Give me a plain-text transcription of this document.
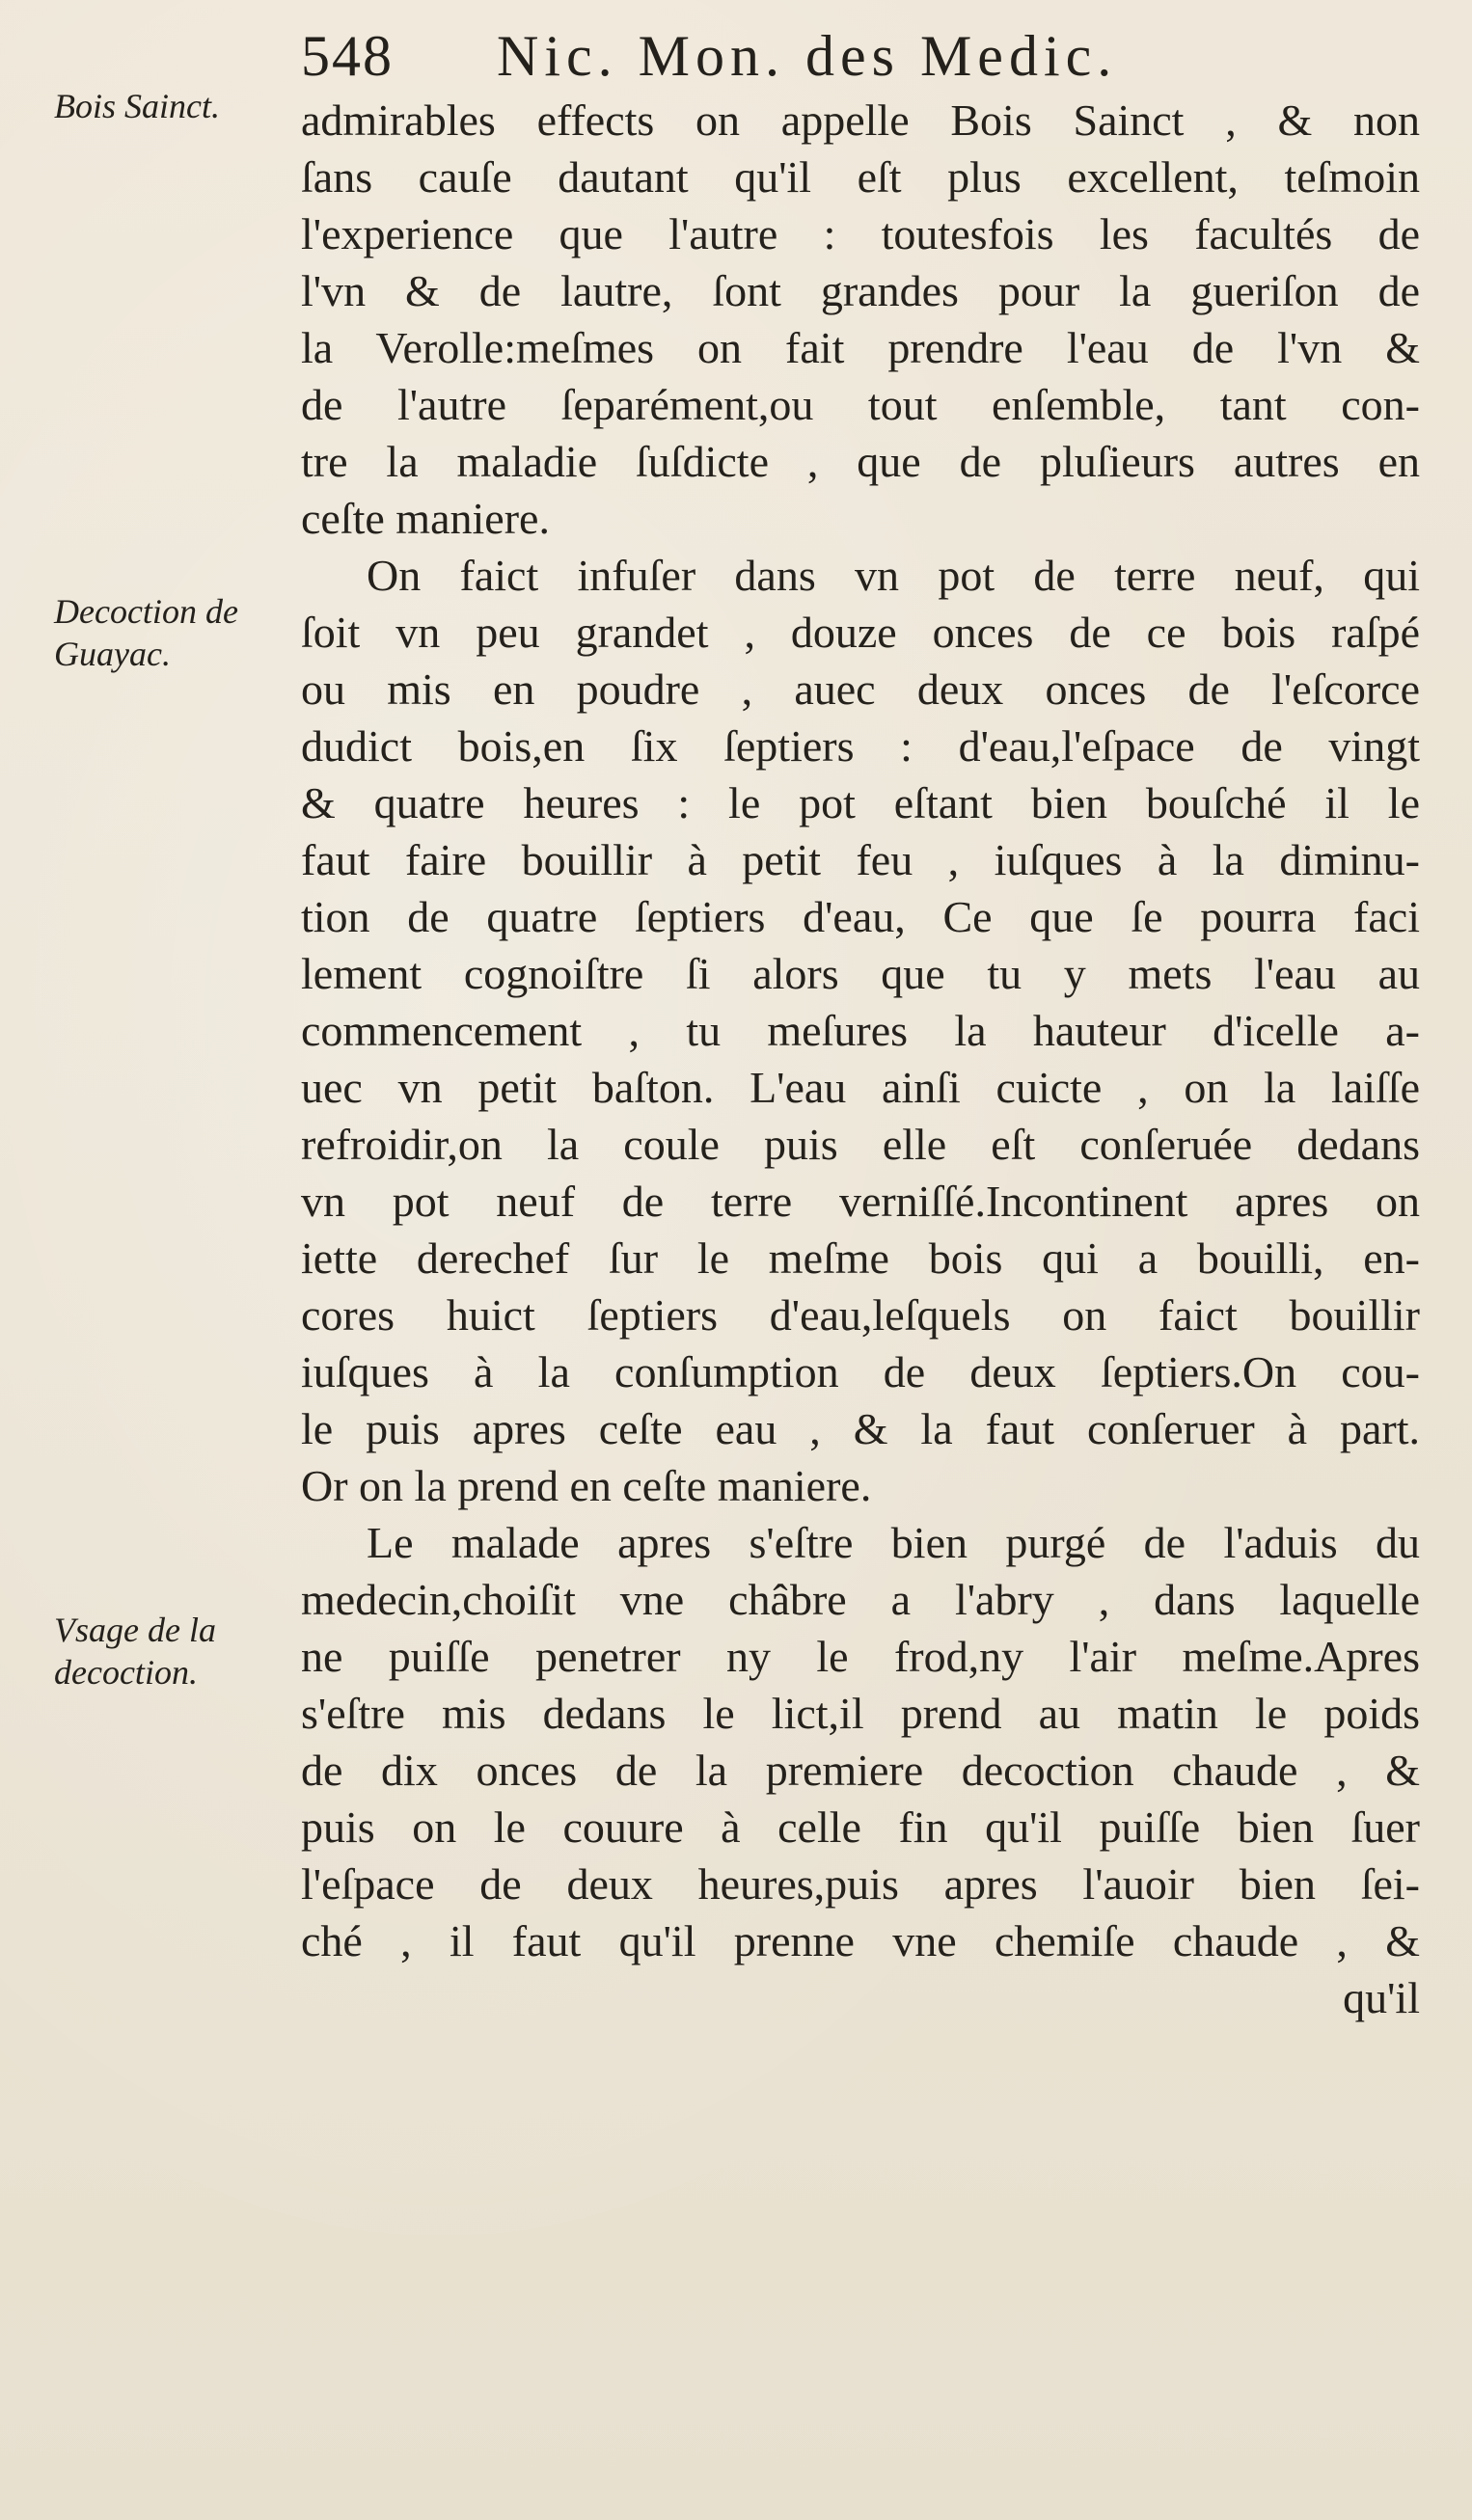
548 Nic. Mon. des Medic.
Bois Sainct.
Decoction de
Guayac.
Vsage de la
decoction.
admirables effects on appelle Bois Sainct , & non
ſans cauſe dautant qu'il eſt plus excellent, teſmoin
l'experience que l'autre : toutesfois les facultés de
l'vn & de lautre, ſont grandes pour la gueriſon de
la Verolle:meſmes on fait prendre l'eau de l'vn &
de l'autre ſeparément,ou tout enſemble, tant con-
tre la maladie ſuſdicte , que de pluſieurs autres en
ceſte maniere.
On faict infuſer dans vn pot de terre neuf, qui
ſoit vn peu grandet , douze onces de ce bois raſpé
ou mis en poudre , auec deux onces de l'eſcorce
dudict bois,en ſix ſeptiers : d'eau,l'eſpace de vingt
& quatre heures : le pot eſtant bien bouſché il le
faut faire bouillir à petit feu , iuſques à la diminu-
tion de quatre ſeptiers d'eau, Ce que ſe pourra faci
lement cognoiſtre ſi alors que tu y mets l'eau au
commencement , tu meſures la hauteur d'icelle a-
uec vn petit baſton. L'eau ainſi cuicte , on la laiſſe
refroidir,on la coule puis elle eſt conſeruée dedans
vn pot neuf de terre verniſſé.Incontinent apres on
iette derechef ſur le meſme bois qui a bouilli, en-
cores huict ſeptiers d'eau,leſquels on faict bouillir
iuſques à la conſumption de deux ſeptiers.On cou-
le puis apres ceſte eau , & la faut conſeruer à part.
Or on la prend en ceſte maniere.
Le malade apres s'eſtre bien purgé de l'aduis du
medecin,choiſit vne châbre a l'abry , dans laquelle
ne puiſſe penetrer ny le frod,ny l'air meſme.Apres
s'eſtre mis dedans le lict,il prend au matin le poids
de dix onces de la premiere decoction chaude , &
puis on le couure à celle fin qu'il puiſſe bien ſuer
l'eſpace de deux heures,puis apres l'auoir bien ſei-
ché , il faut qu'il prenne vne chemiſe chaude , &
qu'il
